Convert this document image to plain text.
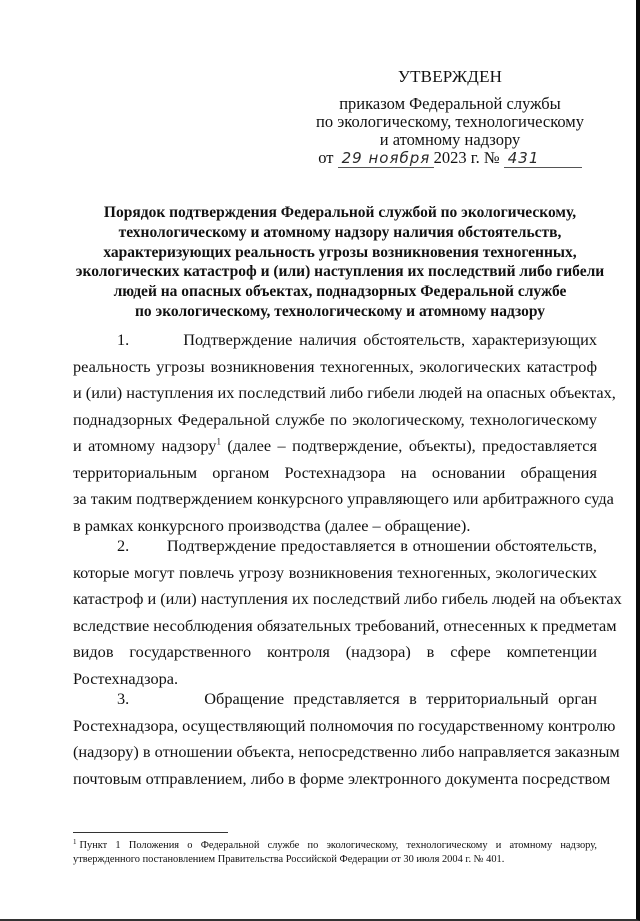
УТВЕРЖДЕН
приказом Федеральной службы
по экологическому, технологическому
и атомному надзору
от 29 ноября 2023 г. № 431
Порядок подтверждения Федеральной службой по экологическому,
технологическому и атомному надзору наличия обстоятельств,
характеризующих реальность угрозы возникновения техногенных,
экологических катастроф и (или) наступления их последствий либо гибели
людей на опасных объектах, поднадзорных Федеральной службе
по экологическому, технологическому и атомному надзору
1.	Подтверждение наличия обстоятельств, характеризующих
реальность угрозы возникновения техногенных, экологических катастроф
и (или) наступления их последствий либо гибели людей на опасных объектах,
поднадзорных Федеральной службе по экологическому, технологическому
и атомному надзору$^1$ (далее – подтверждение, объекты), предоставляется
территориальным органом Ростехнадзора на основании обращения
за таким подтверждением конкурсного управляющего или арбитражного суда
в рамках конкурсного производства (далее – обращение).
2. Подтверждение предоставляется в отношении обстоятельств,
которые могут повлечь угрозу возникновения техногенных, экологических
катастроф и (или) наступления их последствий либо гибель людей на объектах
вследствие несоблюдения обязательных требований, отнесенных к предметам
видов государственного контроля (надзора) в сфере компетенции
Ростехнадзора.
3.	Обращение представляется в территориальный орган
Ростехнадзора, осуществляющий полномочия по государственному контролю
(надзору) в отношении объекта, непосредственно либо направляется заказным
почтовым отправлением, либо в форме электронного документа посредством
$^1$ Пункт 1 Положения о Федеральной службе по экологическому, технологическому и атомному надзору,
утвержденного постановлением Правительства Российской Федерации от 30 июля 2004 г. № 401.
